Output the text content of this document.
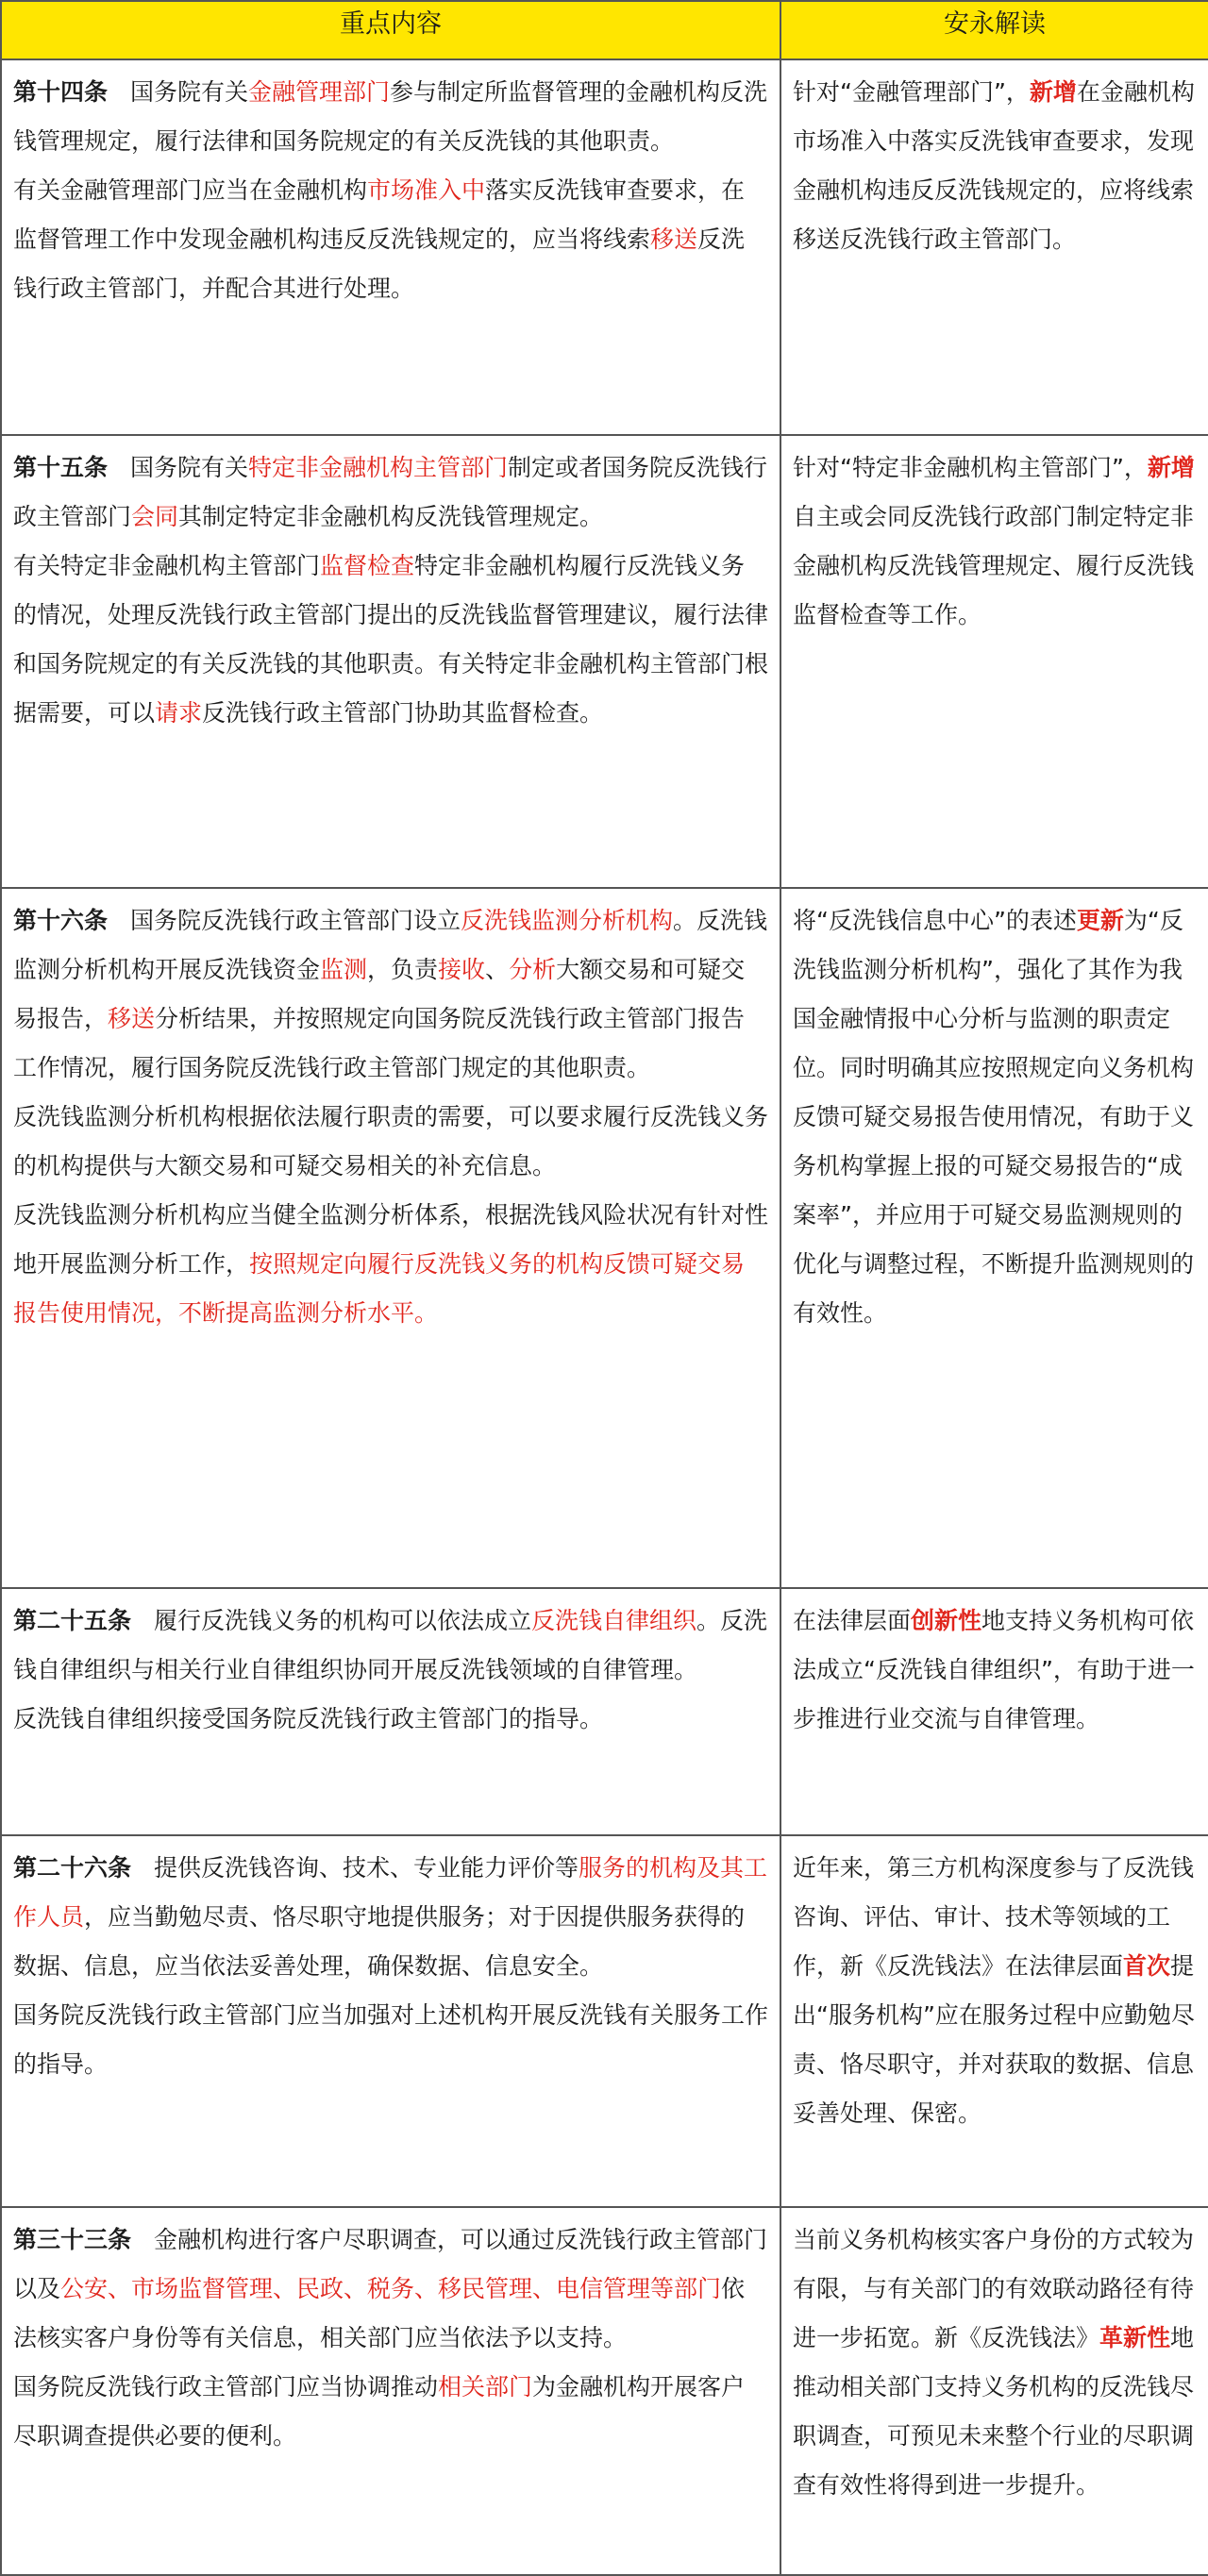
重点内容	安永解读

第十四条 国务院有关金融管理部门参与制定所监督管理的金融机构反洗钱管理规定，履行法律和国务院规定的有关反洗钱的其他职责。

有关金融管理部门应当在金融机构市场准入中落实反洗钱审查要求，在监督管理工作中发现金融机构违反反洗钱规定的，应当将线索移送反洗钱行政主管部门，并配合其进行处理。	针对“金融管理部门”，新增在金融机构市场准入中落实反洗钱审查要求，发现金融机构违反反洗钱规定的，应将线索移送反洗钱行政主管部门。

第十五条 国务院有关特定非金融机构主管部门制定或者国务院反洗钱行政主管部门会同其制定特定非金融机构反洗钱管理规定。

有关特定非金融机构主管部门监督检查特定非金融机构履行反洗钱义务的情况，处理反洗钱行政主管部门提出的反洗钱监督管理建议，履行法律和国务院规定的有关反洗钱的其他职责。有关特定非金融机构主管部门根据需要，可以请求反洗钱行政主管部门协助其监督检查。	针对“特定非金融机构主管部门”，新增自主或会同反洗钱行政部门制定特定非金融机构反洗钱管理规定、履行反洗钱监督检查等工作。

第十六条 国务院反洗钱行政主管部门设立反洗钱监测分析机构。反洗钱监测分析机构开展反洗钱资金监测，负责接收、分析大额交易和可疑交易报告，移送分析结果，并按照规定向国务院反洗钱行政主管部门报告工作情况，履行国务院反洗钱行政主管部门规定的其他职责。

反洗钱监测分析机构根据依法履行职责的需要，可以要求履行反洗钱义务的机构提供与大额交易和可疑交易相关的补充信息。

反洗钱监测分析机构应当健全监测分析体系，根据洗钱风险状况有针对性地开展监测分析工作，按照规定向履行反洗钱义务的机构反馈可疑交易报告使用情况，不断提高监测分析水平。	将“反洗钱信息中心”的表述更新为“反洗钱监测分析机构”，强化了其作为我国金融情报中心分析与监测的职责定位。同时明确其应按照规定向义务机构反馈可疑交易报告使用情况，有助于义务机构掌握上报的可疑交易报告的“成案率”，并应用于可疑交易监测规则的优化与调整过程，不断提升监测规则的有效性。

第二十五条 履行反洗钱义务的机构可以依法成立反洗钱自律组织。反洗钱自律组织与相关行业自律组织协同开展反洗钱领域的自律管理。

反洗钱自律组织接受国务院反洗钱行政主管部门的指导。	在法律层面创新性地支持义务机构可依法成立“反洗钱自律组织”，有助于进一步推进行业交流与自律管理。

第二十六条 提供反洗钱咨询、技术、专业能力评价等服务的机构及其工作人员，应当勤勉尽责、恪尽职守地提供服务；对于因提供服务获得的数据、信息，应当依法妥善处理，确保数据、信息安全。

国务院反洗钱行政主管部门应当加强对上述机构开展反洗钱有关服务工作的指导。	近年来，第三方机构深度参与了反洗钱咨询、评估、审计、技术等领域的工作，新《反洗钱法》在法律层面首次提出“服务机构”应在服务过程中应勤勉尽责、恪尽职守，并对获取的数据、信息妥善处理、保密。

第三十三条 金融机构进行客户尽职调查，可以通过反洗钱行政主管部门以及公安、市场监督管理、民政、税务、移民管理、电信管理等部门依法核实客户身份等有关信息，相关部门应当依法予以支持。

国务院反洗钱行政主管部门应当协调推动相关部门为金融机构开展客户尽职调查提供必要的便利。	当前义务机构核实客户身份的方式较为有限，与有关部门的有效联动路径有待进一步拓宽。新《反洗钱法》革新性地推动相关部门支持义务机构的反洗钱尽职调查，可预见未来整个行业的尽职调查有效性将得到进一步提升。
